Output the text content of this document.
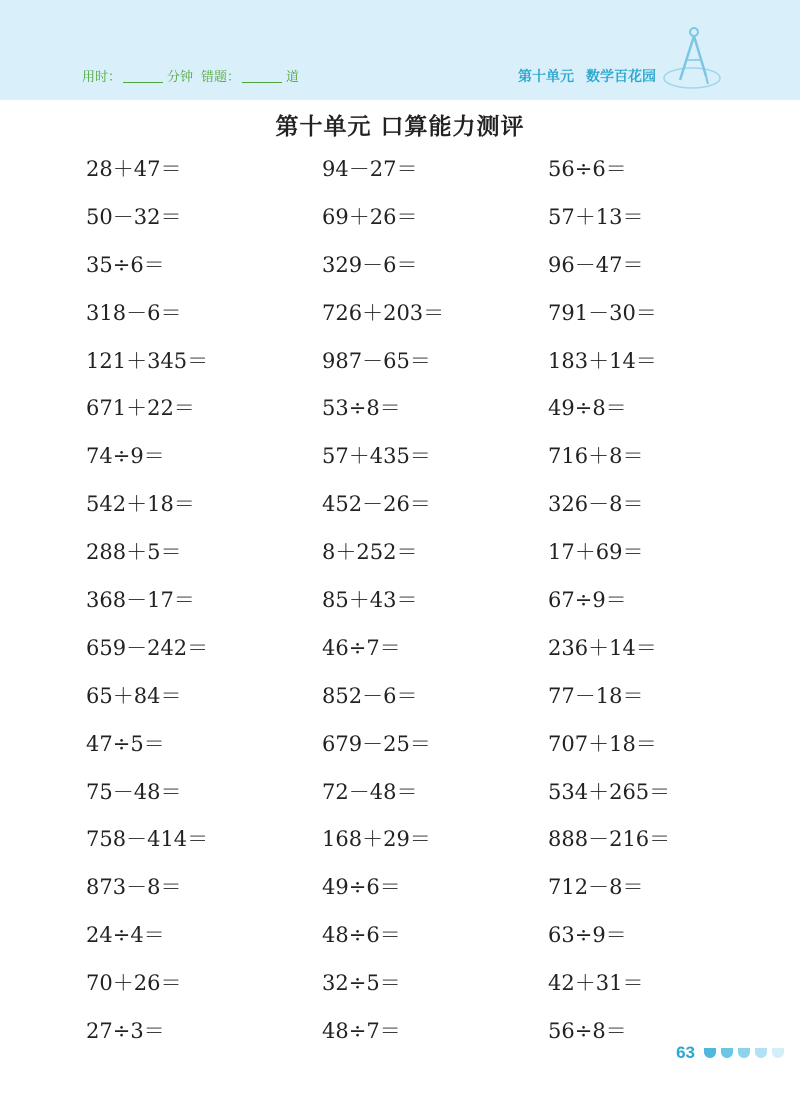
用时：	分钟 错题：	道	第十单元 数学百花园
第十单元 口算能力测评
28＋47＝	94－27＝	56÷6＝
50－32＝	69＋26＝	57＋13＝
35÷6＝	329－6＝	96－47＝
318－6＝	726＋203＝	791－30＝
121＋345＝	987－65＝	183＋14＝
671＋22＝	53÷8＝	49÷8＝
74÷9＝	57＋435＝	716＋8＝
542＋18＝	452－26＝	326－8＝
288＋5＝	8＋252＝	17＋69＝
368－17＝	85＋43＝	67÷9＝
659－242＝	46÷7＝	236＋14＝
65＋84＝	852－6＝	77－18＝
47÷5＝	679－25＝	707＋18＝
75－48＝	72－48＝	534＋265＝
758－414＝	168＋29＝	888－216＝
873－8＝	49÷6＝	712－8＝
24÷4＝	48÷6＝	63÷9＝
70＋26＝	32÷5＝	42＋31＝
27÷3＝	48÷7＝	56÷8＝
63
